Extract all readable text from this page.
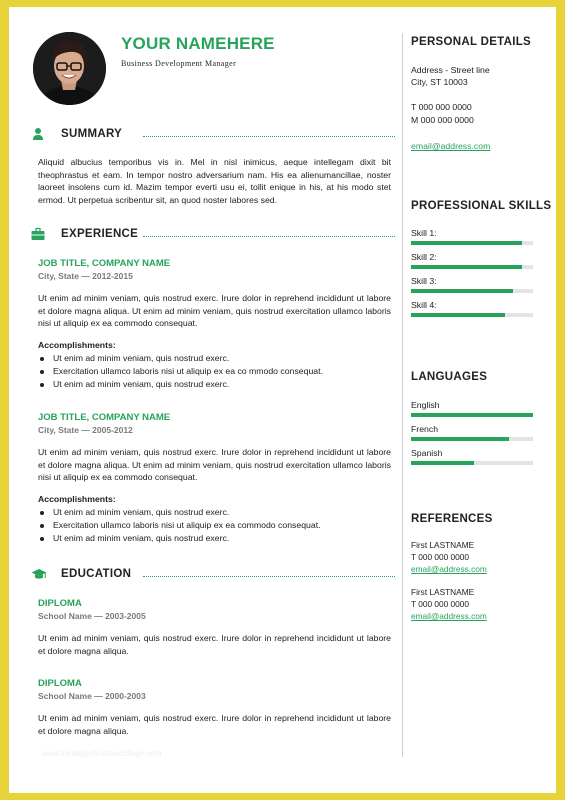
YOUR NAMEHERE
Business Development Manager
SUMMARY
Aliquid albucius temporibus vis in. Mel in nisl inimicus, aeque intellegam dixit bit theophrastus et eam. In tempor nostro adversarium nam. His ea alienumancillae, noster laoreet insolens cum id. Mazim tempor everti usu ei, tollit enique in his, at his modo stet ermod. Ut perpetua scribentur sit, an quod noster labores sed.
EXPERIENCE
JOB TITLE, COMPANY NAME
City, State — 2012-2015
Ut enim ad minim veniam, quis nostrud exerc. Irure dolor in reprehend incididunt ut labore et dolore magna aliqua. Ut enim ad minim veniam, quis nostrud exercitation ullamco laboris nisi ut aliquip ex ea commodo consequat.
Accomplishments:
Ut enim ad minim veniam, quis nostrud exerc.
Exercitation ullamco laboris nisi ut aliquip ex ea co mmodo consequat.
Ut enim ad minim veniam, quis nostrud exerc.
JOB TITLE, COMPANY NAME
City, State — 2005-2012
Ut enim ad minim veniam, quis nostrud exerc. Irure dolor in reprehend incididunt ut labore et dolore magna aliqua. Ut enim ad minim veniam, quis nostrud exercitation ullamco laboris nisi ut aliquip ex ea commodo consequat.
Accomplishments:
Ut enim ad minim veniam, quis nostrud exerc.
Exercitation ullamco laboris nisi ut aliquip ex ea commodo consequat.
Ut enim ad minim veniam, quis nostrud exerc.
EDUCATION
DIPLOMA
School Name — 2003-2005
Ut enim ad minim veniam, quis nostrud exerc. Irure dolor in reprehend incididunt ut labore et dolore magna aliqua.
DIPLOMA
School Name — 2000-2003
Ut enim ad minim veniam, quis nostrud exerc. Irure dolor in reprehend incididunt ut labore et dolore magna aliqua.
www.heritagechristiancollege.com
PERSONAL DETAILS
Address - Street line
City, ST 10003
T 000 000 0000
M 000 000 0000
email@address.com
PROFESSIONAL SKILLS
Skill 1:
Skill 2:
Skill 3:
Skill 4:
LANGUAGES
English
French
Spanish
REFERENCES
First LASTNAME
T 000 000 0000
email@address.com
First LASTNAME
T 000 000 0000
email@address.com
